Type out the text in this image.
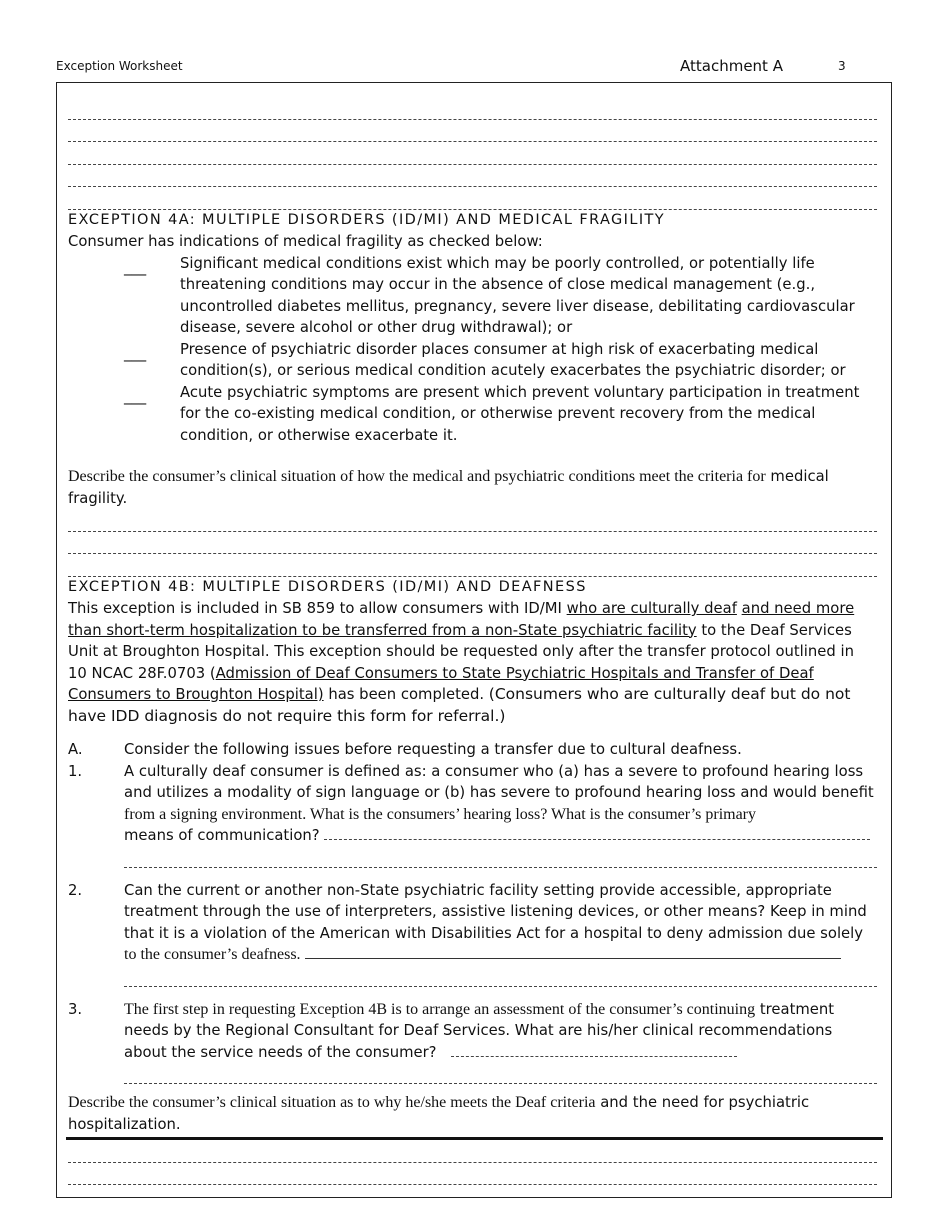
Exception Worksheet	Attachment A	3
EXCEPTION 4A: MULTIPLE DISORDERS (ID/MI) AND MEDICAL FRAGILITY
Consumer has indications of medical fragility as checked below:
___	Significant medical conditions exist which may be poorly controlled, or potentially life threatening conditions may occur in the absence of close medical management (e.g., uncontrolled diabetes mellitus, pregnancy, severe liver disease, debilitating cardiovascular disease, severe alcohol or other drug withdrawal); or
___	Presence of psychiatric disorder places consumer at high risk of exacerbating medical condition(s), or serious medical condition acutely exacerbates the psychiatric disorder; or
___	Acute psychiatric symptoms are present which prevent voluntary participation in treatment for the co-existing medical condition, or otherwise prevent recovery from the medical condition, or otherwise exacerbate it.
Describe the consumer’s clinical situation of how the medical and psychiatric conditions meet the criteria for medical fragility.
EXCEPTION 4B: MULTIPLE DISORDERS (ID/MI) AND DEAFNESS
This exception is included in SB 859 to allow consumers with ID/MI who are culturally deaf and need more than short-term hospitalization to be transferred from a non-State psychiatric facility to the Deaf Services Unit at Broughton Hospital. This exception should be requested only after the transfer protocol outlined in 10 NCAC 28F.0703 (Admission of Deaf Consumers to State Psychiatric Hospitals and Transfer of Deaf Consumers to Broughton Hospital) has been completed. (Consumers who are culturally deaf but do not have IDD diagnosis do not require this form for referral.)
A.	Consider the following issues before requesting a transfer due to cultural deafness.
1.	A culturally deaf consumer is defined as: a consumer who (a) has a severe to profound hearing loss and utilizes a modality of sign language or (b) has severe to profound hearing loss and would benefit from a signing environment. What is the consumers’ hearing loss? What is the consumer’s primary
means of communication?
2.	Can the current or another non-State psychiatric facility setting provide accessible, appropriate treatment through the use of interpreters, assistive listening devices, or other means? Keep in mind that it is a violation of the American with Disabilities Act for a hospital to deny admission due solely to the consumer’s deafness.
3.	The first step in requesting Exception 4B is to arrange an assessment of the consumer’s continuing treatment needs by the Regional Consultant for Deaf Services. What are his/her clinical recommendations about the service needs of the consumer?
Describe the consumer’s clinical situation as to why he/she meets the Deaf criteria and the need for psychiatric hospitalization.
